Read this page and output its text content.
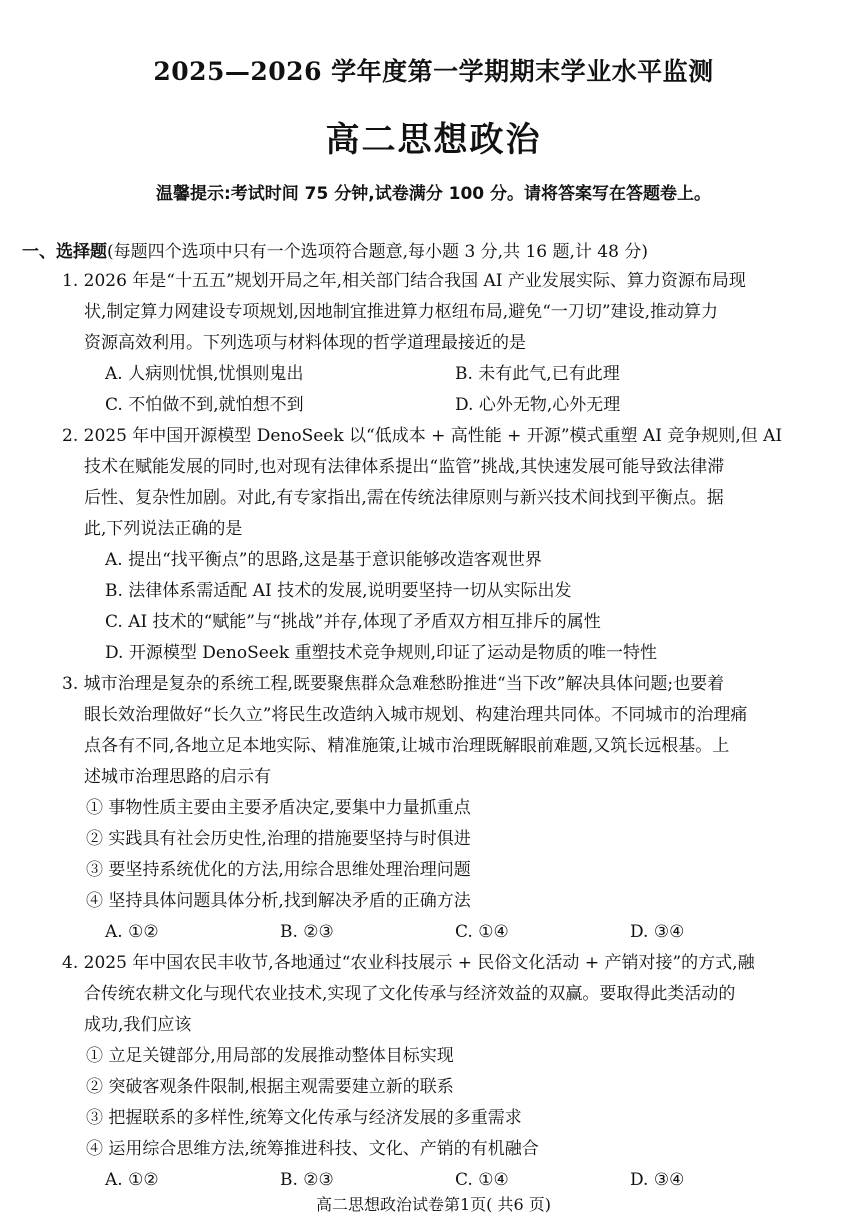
2025—2026 学年度第一学期期末学业水平监测
高二思想政治
温馨提示:考试时间 75 分钟,试卷满分 100 分。请将答案写在答题卷上。
一、选择题(每题四个选项中只有一个选项符合题意,每小题 3 分,共 16 题,计 48 分)
1. 2026 年是“十五五”规划开局之年,相关部门结合我国 AI 产业发展实际、算力资源布局现
状,制定算力网建设专项规划,因地制宜推进算力枢纽布局,避免“一刀切”建设,推动算力
资源高效利用。下列选项与材料体现的哲学道理最接近的是
A. 人病则忧惧,忧惧则鬼出	B. 未有此气,已有此理
C. 不怕做不到,就怕想不到	D. 心外无物,心外无理
2. 2025 年中国开源模型 DenoSeek 以“低成本 + 高性能 + 开源”模式重塑 AI 竞争规则,但 AI
技术在赋能发展的同时,也对现有法律体系提出“监管”挑战,其快速发展可能导致法律滞
后性、复杂性加剧。对此,有专家指出,需在传统法律原则与新兴技术间找到平衡点。据
此,下列说法正确的是
A. 提出“找平衡点”的思路,这是基于意识能够改造客观世界
B. 法律体系需适配 AI 技术的发展,说明要坚持一切从实际出发
C. AI 技术的“赋能”与“挑战”并存,体现了矛盾双方相互排斥的属性
D. 开源模型 DenoSeek 重塑技术竞争规则,印证了运动是物质的唯一特性
3. 城市治理是复杂的系统工程,既要聚焦群众急难愁盼推进“当下改”解决具体问题;也要着
眼长效治理做好“长久立”将民生改造纳入城市规划、构建治理共同体。不同城市的治理痛
点各有不同,各地立足本地实际、精准施策,让城市治理既解眼前难题,又筑长远根基。上
述城市治理思路的启示有
① 事物性质主要由主要矛盾决定,要集中力量抓重点
② 实践具有社会历史性,治理的措施要坚持与时俱进
③ 要坚持系统优化的方法,用综合思维处理治理问题
④ 坚持具体问题具体分析,找到解决矛盾的正确方法
A. ①②	B. ②③	C. ①④	D. ③④
4. 2025 年中国农民丰收节,各地通过“农业科技展示 + 民俗文化活动 + 产销对接”的方式,融
合传统农耕文化与现代农业技术,实现了文化传承与经济效益的双赢。要取得此类活动的
成功,我们应该
① 立足关键部分,用局部的发展推动整体目标实现
② 突破客观条件限制,根据主观需要建立新的联系
③ 把握联系的多样性,统筹文化传承与经济发展的多重需求
④ 运用综合思维方法,统筹推进科技、文化、产销的有机融合
A. ①②	B. ②③	C. ①④	D. ③④
高二思想政治试卷第1页( 共6 页)
